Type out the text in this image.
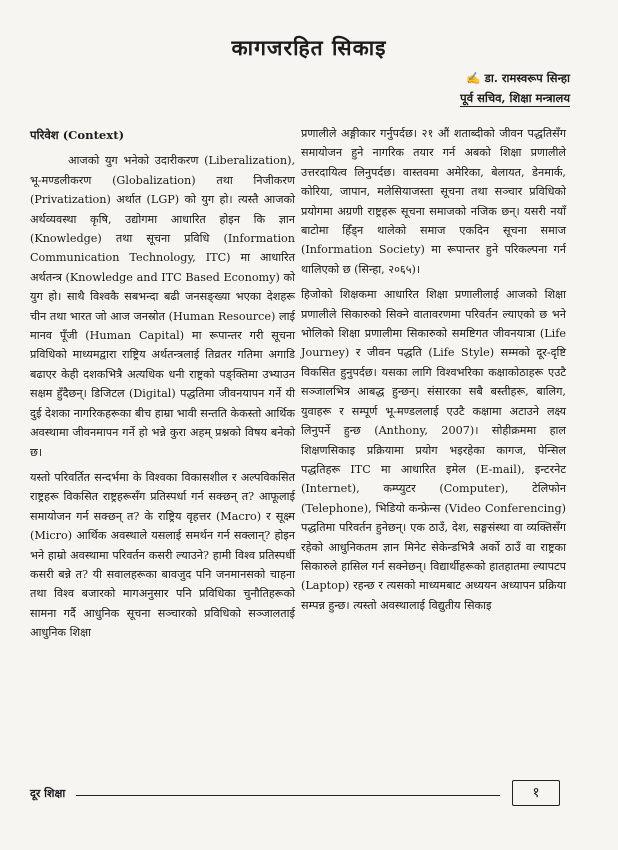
कागजरहित सिकाइ
✍ डा. रामस्वरूप सिन्हा
पूर्व सचिव, शिक्षा मन्त्रालय

परिवेश (Context)

आजको युग भनेको उदारीकरण (Liberalization), भू-मण्डलीकरण (Globalization) तथा निजीकरण (Privatization) अर्थात (LGP) को युग हो। त्यस्तै आजको अर्थव्यवस्था कृषि, उद्योगमा आधारित होइन कि ज्ञान (Knowledge) तथा सूचना प्रविधि (Information Communication Technology, ITC) मा आधारित अर्थतन्त्र (Knowledge and ITC Based Economy) को युग हो। साथै विश्वकै सबभन्दा बढी जनसङ्ख्या भएका देशहरू चीन तथा भारत जो आज जनस्रोत (Human Resource) लाई मानव पूँजी (Human Capital) मा रूपान्तर गरी सूचना प्रविधिको माध्यमद्वारा राष्ट्रिय अर्थतन्त्रलाई तिव्रतर गतिमा अगाडि बढाएर केही दशकभित्रै अत्यधिक धनी राष्ट्रको पङ्क्तिमा उभ्याउन सक्षम हुँदैछन्। डिजिटल (Digital) पद्धतिमा जीवनयापन गर्ने यी दुई देशका नागरिकहरूका बीच हाम्रा भावी सन्तति केकस्तो आर्थिक अवस्थामा जीवनमापन गर्ने हो भन्ने कुरा अहम् प्रश्नको विषय बनेको छ।

यस्तो परिवर्तित सन्दर्भमा के विश्वका विकासशील र अल्पविकसित राष्ट्रहरू विकसित राष्ट्रहरूसँग प्रतिस्पर्धा गर्न सक्छन् त? आफूलाई समायोजन गर्न सक्छन् त? के राष्ट्रिय वृहत्तर (Macro) र सूक्ष्म (Micro) आर्थिक अवस्थाले यसलाई समर्थन गर्न सक्लान्? होइन भने हाम्रो अवस्थामा परिवर्तन कसरी ल्याउने? हामी विश्व प्रतिस्पर्धी कसरी बन्ने त? यी सवालहरूका बावजुद पनि जनमानसको चाहना तथा विश्व बजारको मागअनुसार पनि प्रविधिका चुनौतिहरूको सामना गर्दै आधुनिक सूचना सञ्चारको प्रविधिको सञ्जालताई आधुनिक शिक्षा

प्रणालीले अङ्गीकार गर्नुपर्दछ। २१ औं शताब्दीको जीवन पद्धतिसँग समायोजन हुने नागरिक तयार गर्न अबको शिक्षा प्रणालीले उत्तरदायित्व लिनुपर्दछ। वास्तवमा अमेरिका, बेलायत, डेनमार्क, कोरिया, जापान, मलेसियाजस्ता सूचना तथा सञ्चार प्रविधिको प्रयोगमा अग्रणी राष्ट्रहरू सूचना समाजको नजिक छन्। यसरी नयाँ बाटोमा हिँड्न थालेको समाज एकदिन सूचना समाज (Information Society) मा रूपान्तर हुने परिकल्पना गर्न थालिएको छ (सिन्हा, २०६५)।

हिजोको शिक्षकमा आधारित शिक्षा प्रणालीलाई आजको शिक्षा प्रणालीले सिकारुको सिक्ने वातावरणमा परिवर्तन ल्याएको छ भने भोलिको शिक्षा प्रणालीमा सिकारुको समष्टिगत जीवनयात्रा (Life Journey) र जीवन पद्धति (Life Style) सम्मको दूर-दृष्टि विकसित हुनुपर्दछ। यसका लागि विश्वभरिका कक्षाकोठाहरू एउटै सञ्जालभित्र आबद्ध हुन्छन्। संसारका सबै बस्तीहरू, बालिग, युवाहरू र सम्पूर्ण भू-मण्डललाई एउटै कक्षामा अटाउने लक्ष्य लिनुपर्ने हुन्छ (Anthony, 2007)। सोहीक्रममा हाल शिक्षणसिकाइ प्रक्रियामा प्रयोग भइरहेका कागज, पेन्सिल पद्धतिहरू ITC मा आधारित इमेल (E-mail), इन्टरनेट (Internet), कम्प्युटर (Computer), टेलिफोन (Telephone), भिडियो कन्फ्रेन्स (Video Conferencing) पद्धतिमा परिवर्तन हुनेछन्। एक ठाउँ, देश, सङ्घसंस्था वा व्यक्तिसँग रहेको आधुनिकतम ज्ञान मिनेट सेकेन्डभित्रै अर्को ठाउँ वा राष्ट्रका सिकारुले हासिल गर्न सक्नेछन्। विद्यार्थीहरूको हातहातमा ल्यापटप (Laptop) रहन्छ र त्यसको माध्यमबाट अध्ययन अध्यापन प्रक्रिया सम्पन्न हुन्छ। त्यस्तो अवस्थालाई विद्युतीय सिकाइ

दूर शिक्षा	१
